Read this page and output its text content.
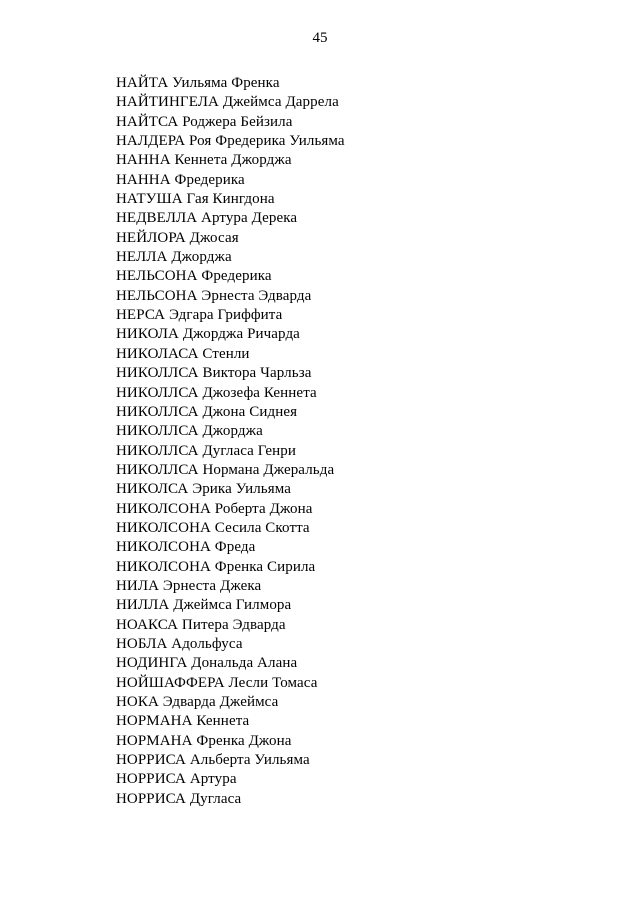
45
НАЙТА Уильяма Френка
НАЙТИНГЕЛА Джеймса Даррела
НАЙТСА Роджера Бейзила
НАЛДЕРА Роя Фредерика Уильяма
НАННА Кеннета Джорджа
НАННА Фредерика
НАТУША Гая Кингдона
НЕДВЕЛЛА Артура Дерека
НЕЙЛОРА Джосая
НЕЛЛА Джорджа
НЕЛЬСОНА Фредерика
НЕЛЬСОНА Эрнеста Эдварда
НЕРСА Эдгара Гриффита
НИКОЛА Джорджа Ричарда
НИКОЛАСА Стенли
НИКОЛЛСА Виктора Чарльза
НИКОЛЛСА Джозефа Кеннета
НИКОЛЛСА Джона Сиднея
НИКОЛЛСА Джорджа
НИКОЛЛСА Дугласа Генри
НИКОЛЛСА Нормана Джеральда
НИКОЛСА Эрика Уильяма
НИКОЛСОНА Роберта Джона
НИКОЛСОНА Сесила Скотта
НИКОЛСОНА Фреда
НИКОЛСОНА Френка Сирила
НИЛА Эрнеста Джека
НИЛЛА Джеймса Гилмора
НОАКСА Питера Эдварда
НОБЛА Адольфуса
НОДИНГА Дональда Алана
НОЙШАФФЕРА Лесли Томаса
НОКА Эдварда Джеймса
НОРМАНА Кеннета
НОРМАНА Френка Джона
НОРРИСА Альберта Уильяма
НОРРИСА Артура
НОРРИСА Дугласа
